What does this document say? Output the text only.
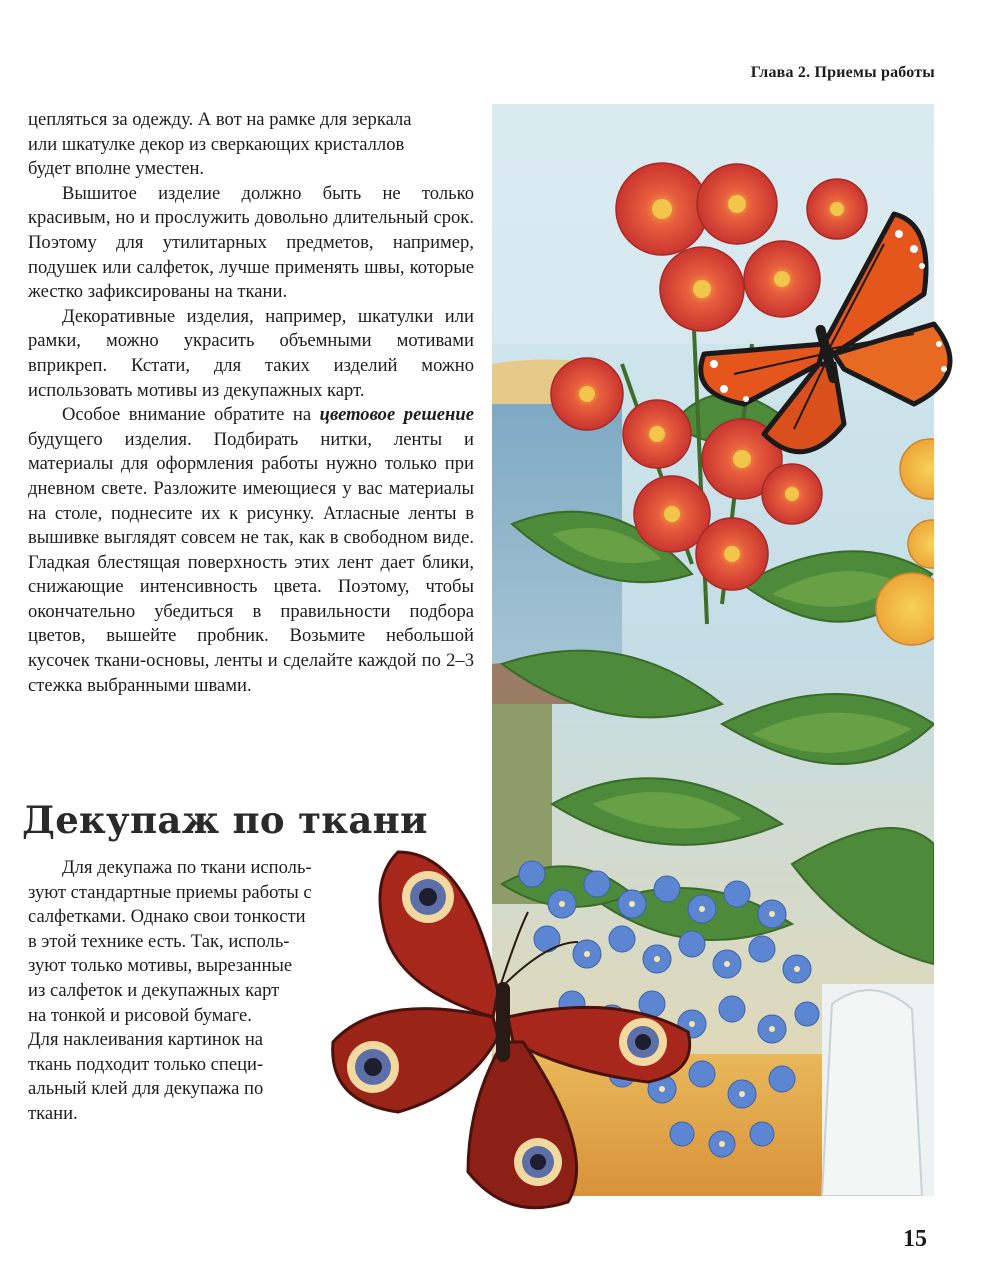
Глава 2. Приемы работы

цепляться за одежду. А вот на рамке для зеркала

или шкатулке декор из сверкающих кристаллов

будет вполне уместен.

Вышитое изделие должно быть не только красивым, но и прослужить довольно длительный срок. Поэтому для утилитарных предметов, например, подушек или салфеток, лучше применять швы, которые жестко зафиксированы на ткани.

Декоративные изделия, например, шкатулки или рамки, можно украсить объемными мотивами вприкреп. Кстати, для таких изделий можно использовать мотивы из декупажных карт.

Особое внимание обратите на цветовое решение будущего изделия. Подбирать нитки, ленты и материалы для оформления работы нужно только при дневном свете. Разложите имеющиеся у вас материалы на столе, поднесите их к рисунку. Атласные ленты в вышивке выглядят совсем не так, как в свободном виде. Гладкая блестящая поверхность этих лент дает блики, снижающие интенсивность цвета. Поэтому, чтобы окончательно убедиться в правильности подбора цветов, вышейте пробник. Возьмите небольшой кусочек ткани-основы, ленты и сделайте каждой по 2–3 стежка выбранными швами.

Декупаж по ткани

Для декупажа по ткани исполь-

зуют стандартные приемы работы с
салфетками. Однако свои тонкости
в этой технике есть. Так, исполь-
зуют только мотивы, вырезанные
из салфеток и декупажных карт
на тонкой и рисовой бумаге.
Для наклеивания картинок на
ткань подходит только специ-
альный клей для декупажа по
ткани.
15
